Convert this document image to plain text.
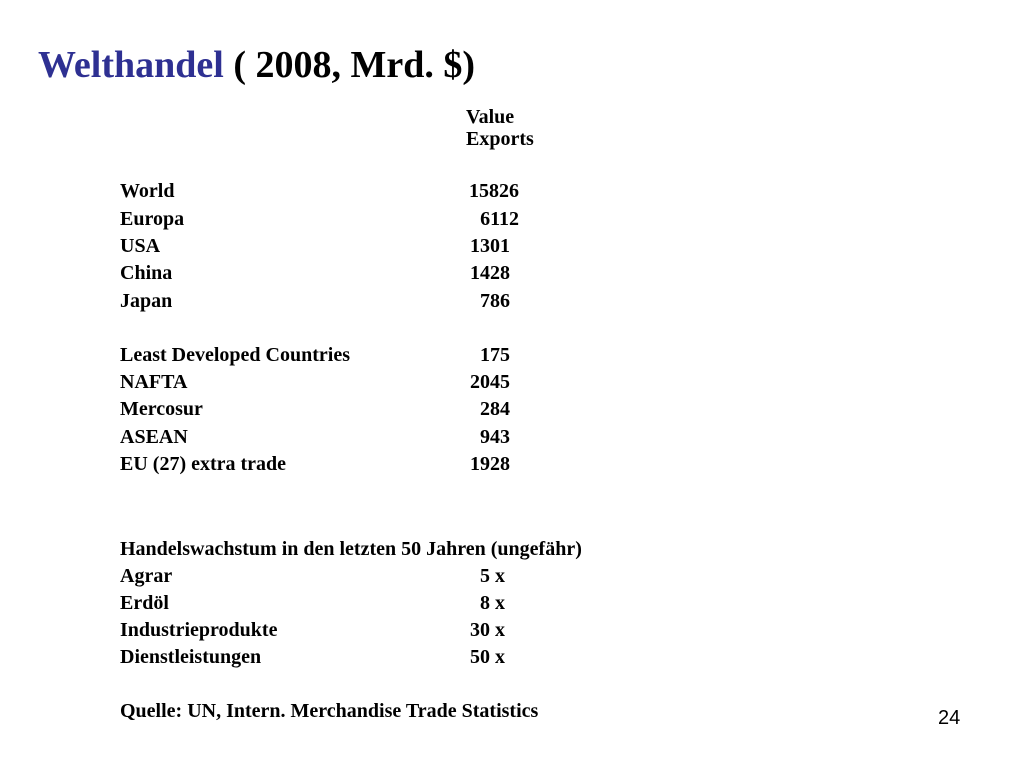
Welthandel ( 2008, Mrd. $)
Value
Exports
World	15826
Europa	6112
USA	1301
China	1428
Japan	786
Least Developed Countries	175
NAFTA	2045
Mercosur	284
ASEAN	943
EU (27) extra trade	1928
Handelswachstum in den letzten 50 Jahren (ungefähr)
Agrar	5 x
Erdöl	8 x
Industrieprodukte	30 x
Dienstleistungen	50 x
Quelle: UN, Intern. Merchandise Trade Statistics	24
